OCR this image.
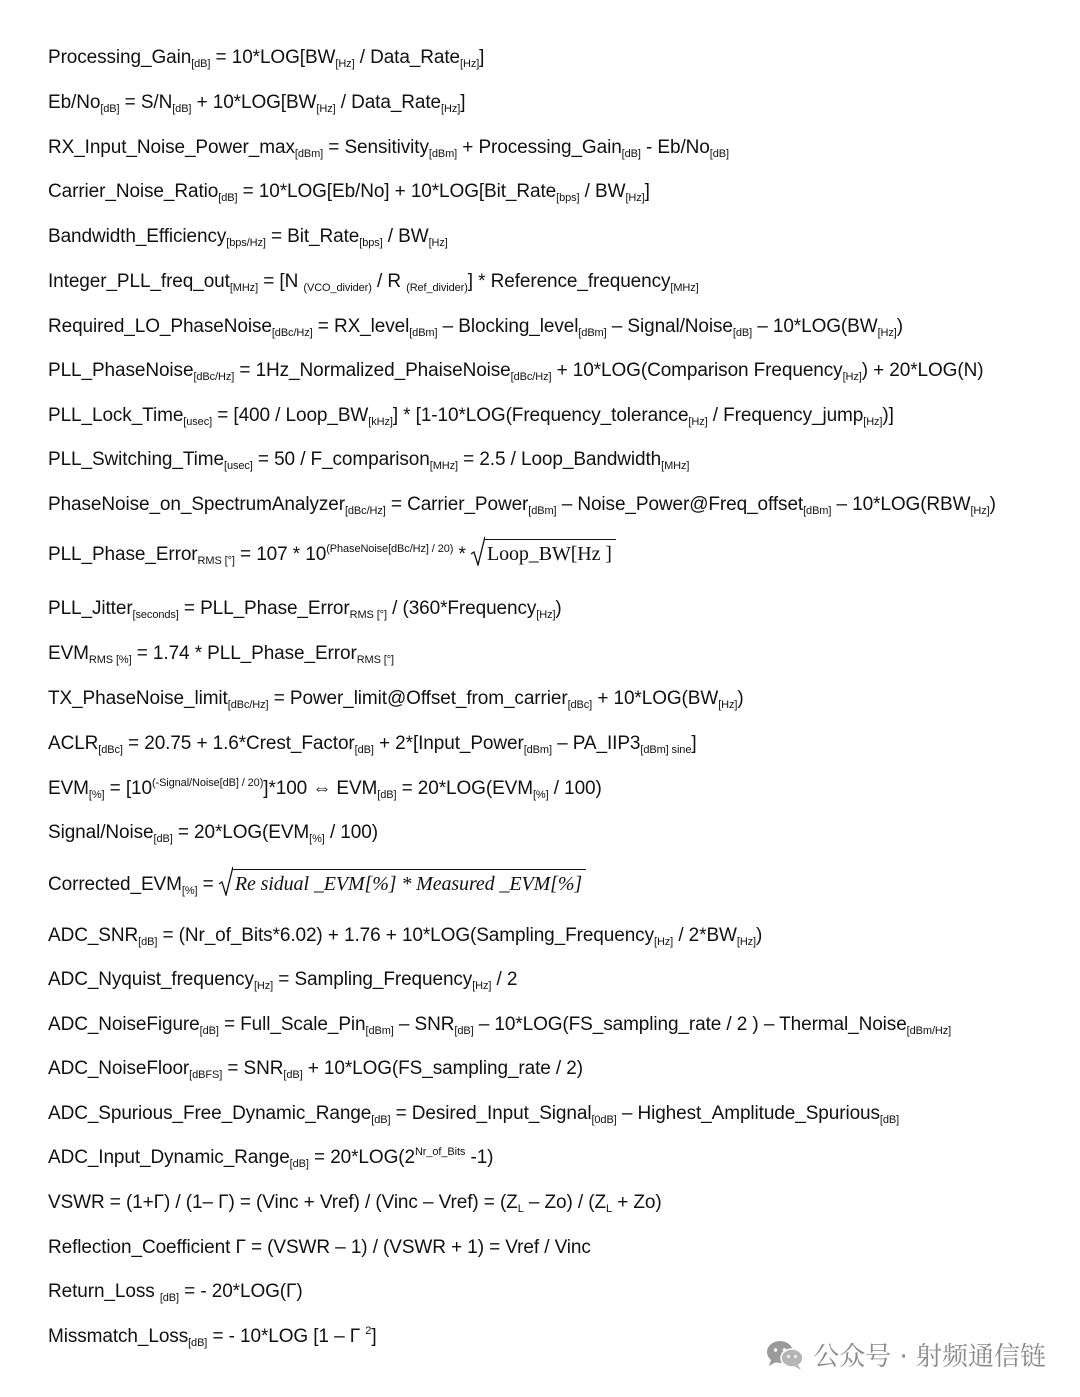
Processing_Gain$_{[dB]}$ = $10*LOG[BW_{[Hz]}$ / Data_Rate$_{[Hz]}$]
$Eb/No_{[dB]} = S/N_{[dB]} + 10*LOG[BW_{[Hz]}$ / Data_Rate$_{[Hz]}$]
$RX\_Input\_Noise\_Power\_\max_{[dBm]}$ = Sensitivity$_{[dBm]}$ + Processing_Gain$_{[dB]}$ - $Eb/No_{[dB]}$
Carrier_Noise_Ratio$_{[dB]}$ = 10*LOG[Eb/No] + 10*LOG[Bit_Rate$_{[bps]}$ / $BW_{[Hz]}$]
Bandwidth_Efficiency$_{[bps/Hz]}$ = Bit_Rate$_{[bps]}$ / $BW_{[Hz]}$
Integer_PLL_freq_out$_{[MHz]}$ = [N $_{(VCO\_divider)}$ / R $_{(Ref\_divider)}$] * Reference_frequency$_{[MHz]}$
Required_LO_PhaseNoise$_{[dBc/Hz]}$ = RX_level$_{[dBm]}$ – Blocking_level$_{[dBm]}$ – Signal/Noise$_{[dB]}$ – $10*LOG(BW_{[Hz]})$
PLL_PhaseNoise$_{[dBc/Hz]}$ = 1Hz_Normalized_PhaiseNoise$_{[dBc/Hz]}$ + 10*LOG(Comparison Frequency$_{[Hz]}$) + 20*LOG(N)
PLL_Lock_Time$_{[usec]}$ = $[400 / Loop\_BW_{[kHz]}]$ * [1-10*LOG(Frequency_tolerance$_{[Hz]}$ / Frequency_jump$_{[Hz]}$)]
PLL_Switching_Time$_{[usec]}$ = 50 / F_comparison$_{[MHz]}$ = 2.5 / Loop_Bandwidth$_{[MHz]}$
PhaseNoise_on_SpectrumAnalyzer$_{[dBc/Hz]}$ = Carrier_Power$_{[dBm]}$ – Noise_Power@Freq_offset$_{[dBm]}$ – $10*LOG(RBW_{[Hz]})$
PLL_Phase_Error$_{RMS [^\circ]}$ = $107 * 10^{(PhaseNoise[dBc/Hz] / 20)}$ * Loop_BW[Hz ]
PLL_Jitter$_{[seconds]}$ = PLL_Phase_Error$_{RMS [^\circ]}$ / (360*Frequency$_{[Hz]}$)
$EVM_{RMS [\%]} = 1.74$ * PLL_Phase_Error$_{RMS [^\circ]}$
TX_PhaseNoise_limit$_{[dBc/Hz]}$ = Power_limit@Offset_from_carrier$_{[dBc]}$ + $10*LOG(BW_{[Hz]})$
$ACLR_{[dBc]} = 20.75$ + 1.6*Crest_Factor$_{[dB]}$ + 2*[Input_Power$_{[dBm]}$ – $PA\_IIP3_{[dBm] sine}$]
$EVM_{[\%]} = [10^{(-Signal/Noise[dB] / 20)}]*100$ ⇔ $EVM_{[dB]} = 20*LOG(EVM_{[\%]} / 100)$
Signal/Noise$_{[dB]}$ = $20*LOG(EVM_{[\%]} / 100)$
$Corrected\_EVM_{[\%]} = Re$ sidual _EVM[%] * Measured _EVM[%]
$ADC\_SNR_{[dB]}$ = (Nr_of_Bits*6.02) + 1.76 + 10*LOG(Sampling_Frequency$_{[Hz]}$ / $2*BW_{[Hz]}$)
ADC_Nyquist_frequency$_{[Hz]}$ = Sampling_Frequency$_{[Hz]}$ / 2
ADC_NoiseFigure$_{[dB]}$ = Full_Scale_Pin$_{[dBm]}$ – $SNR_{[dB]}$ – 10*LOG(FS_sampling_rate / 2 ) – Thermal_Noise$_{[dBm/Hz]}$
ADC_NoiseFloor$_{[dBFS]}$ = $SNR_{[dB]}$ + 10*LOG(FS_sampling_rate / 2)
ADC_Spurious_Free_Dynamic_Range$_{[dB]}$ = Desired_Input_Signal$_{[0dB]}$ – Highest_Amplitude_Spurious$_{[dB]}$
ADC_Input_Dynamic_Range$_{[dB]}$ = $20*LOG(2^{Nr\_of\_Bits}$ -1)
VSWR = (1+Γ) / (1– Γ) = (Vinc + Vref) / (Vinc – Vref) = $(Z_L - Zo) / (Z_L + Zo)$
Reflection_Coefficient Γ = (VSWR – 1) / (VSWR + 1) = Vref / Vinc
Return_Loss $_{[dB]}$ = - 20*LOG(Γ)
Missmatch_Loss$_{[dB]}$ = - 10*LOG [1 – Γ $^2$]
公众号 · 射频通信链
